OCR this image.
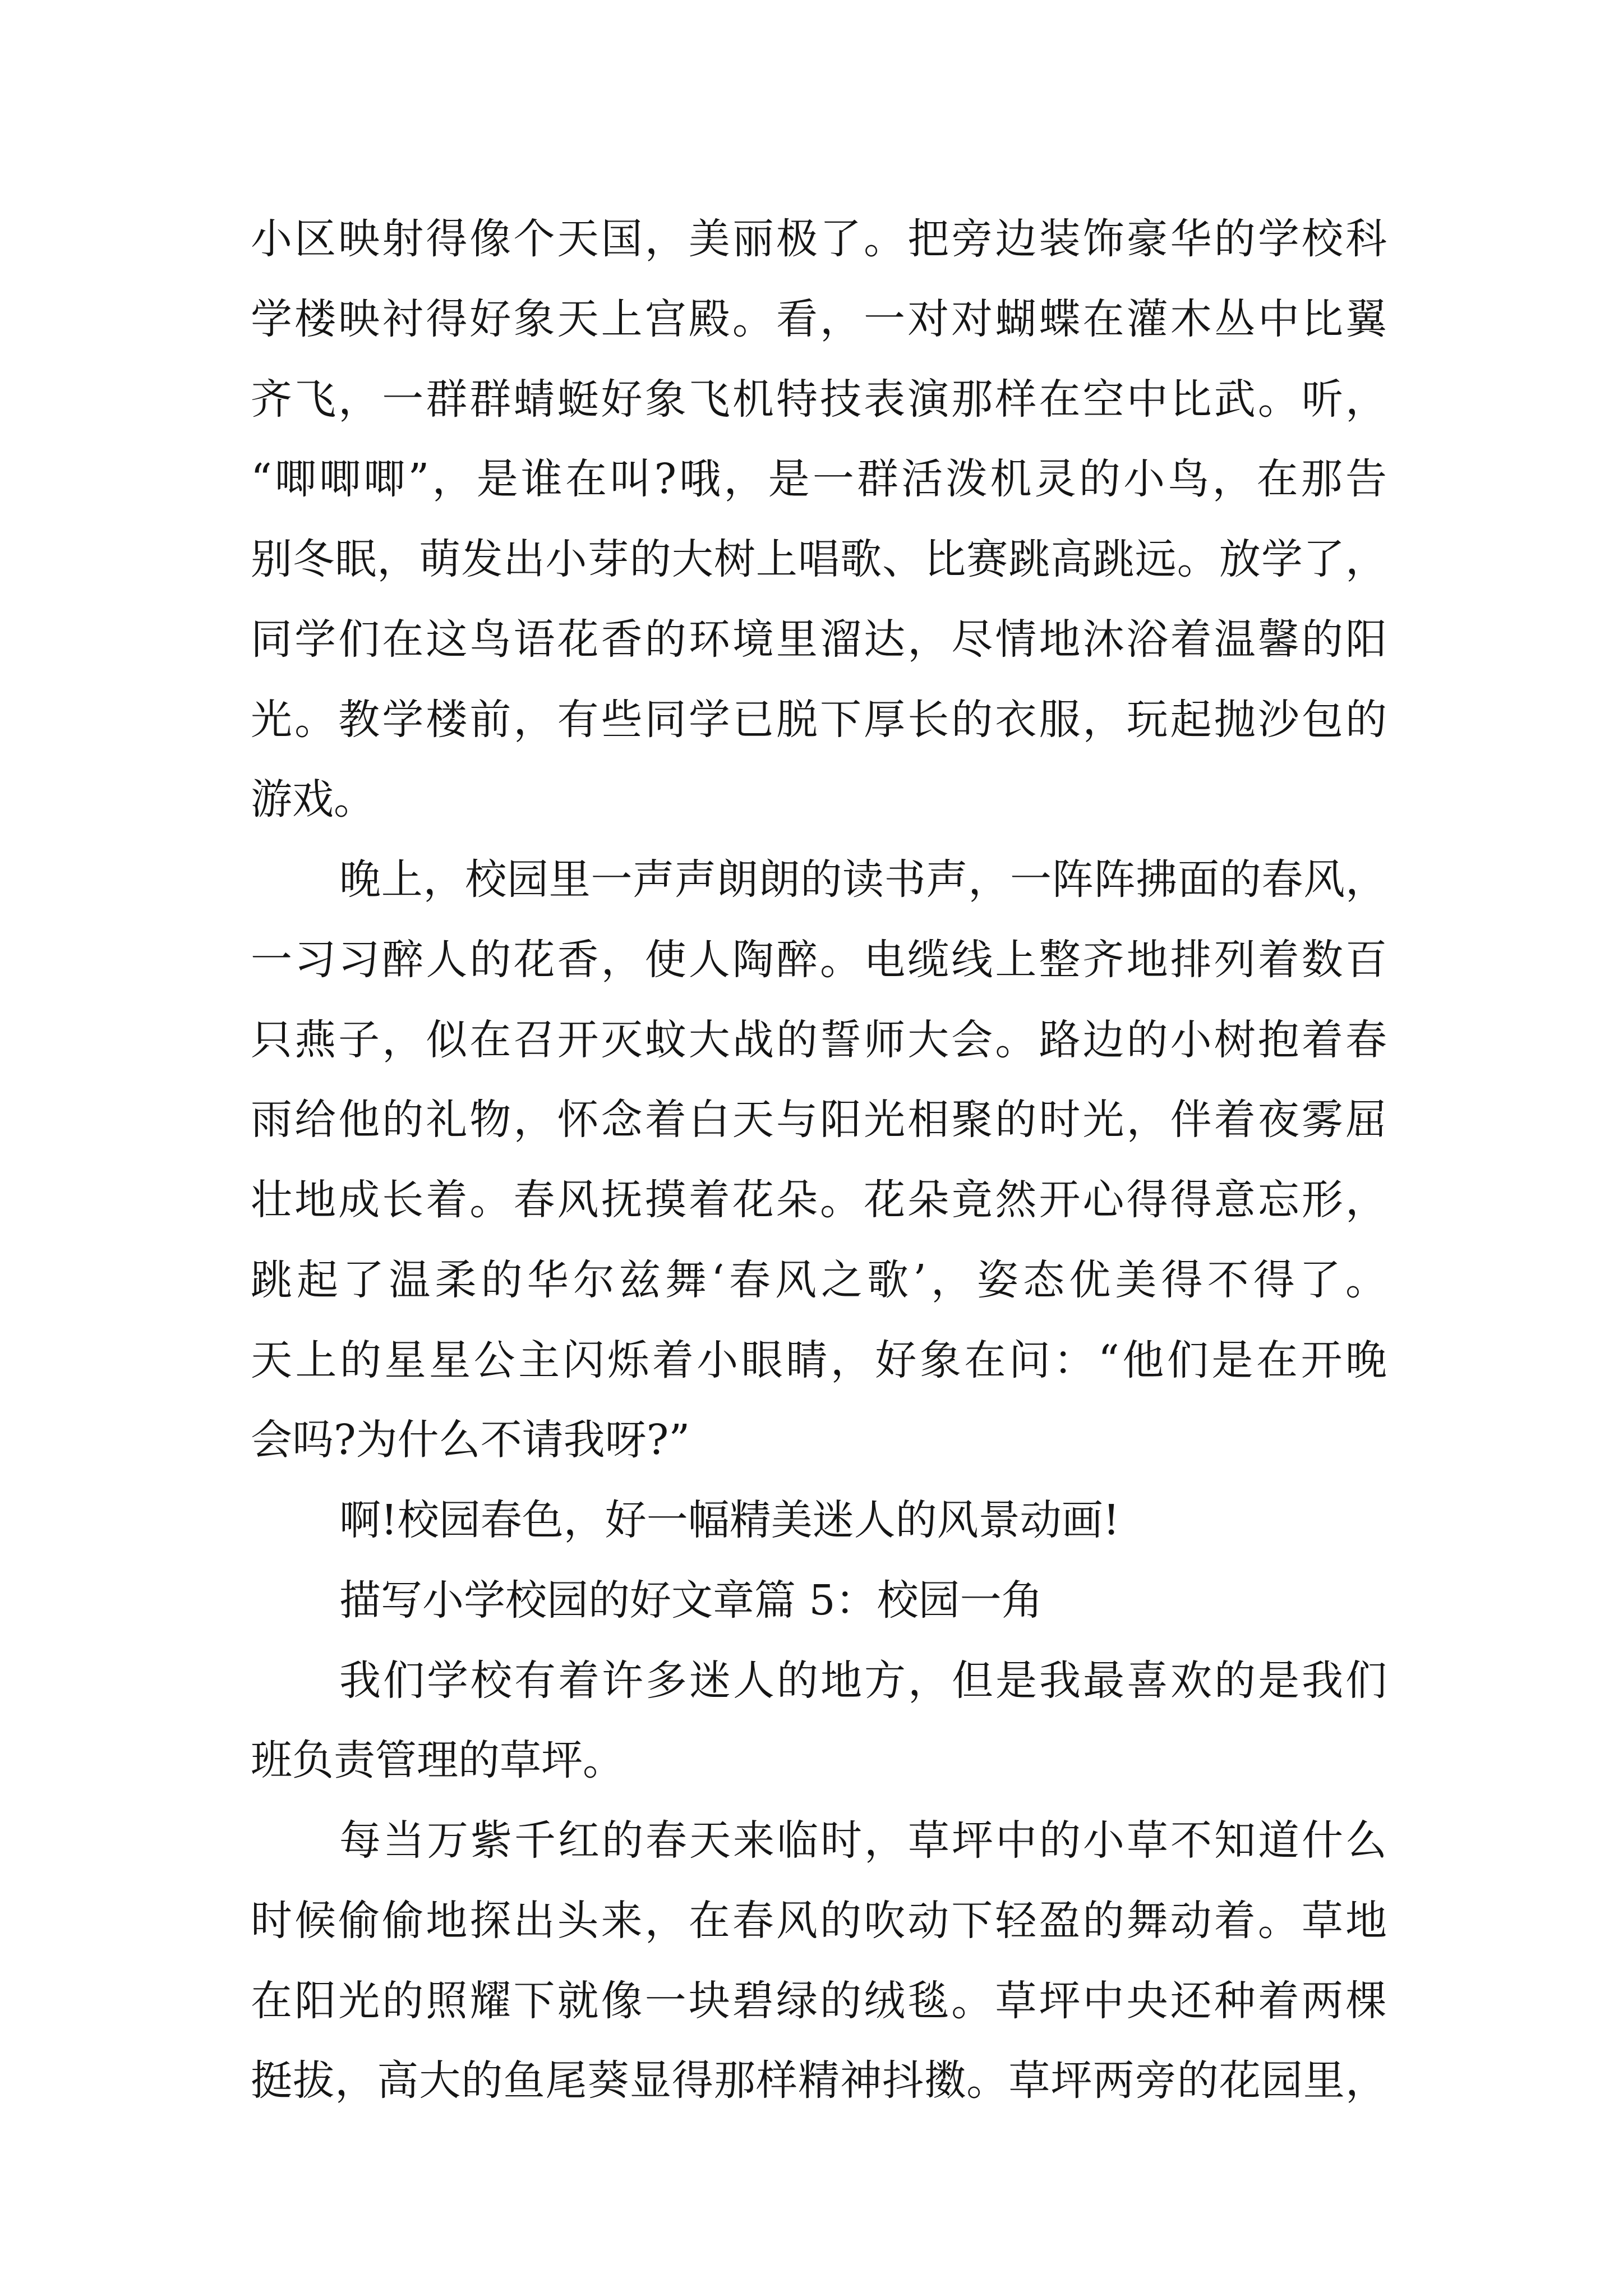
小区映射得像个天国，美丽极了。把旁边装饰豪华的学校科
学楼映衬得好象天上宫殿。看，一对对蝴蝶在灌木丛中比翼
齐飞，一群群蜻蜓好象飞机特技表演那样在空中比武。听，
“唧唧唧”，是谁在叫?哦，是一群活泼机灵的小鸟，在那告
别冬眠，萌发出小芽的大树上唱歌、比赛跳高跳远。放学了，
同学们在这鸟语花香的环境里溜达，尽情地沐浴着温馨的阳
光。教学楼前，有些同学已脱下厚长的衣服，玩起抛沙包的
游戏。
晚上，校园里一声声朗朗的读书声，一阵阵拂面的春风，
一习习醉人的花香，使人陶醉。电缆线上整齐地排列着数百
只燕子，似在召开灭蚊大战的誓师大会。路边的小树抱着春
雨给他的礼物，怀念着白天与阳光相聚的时光，伴着夜雾屈
壮地成长着。春风抚摸着花朵。花朵竟然开心得得意忘形，
跳起了温柔的华尔兹舞‘春风之歌’，姿态优美得不得了。
天上的星星公主闪烁着小眼睛，好象在问：“他们是在开晚
会吗?为什么不请我呀?”
啊!校园春色，好一幅精美迷人的风景动画!
描写小学校园的好文章篇 5：校园一角
我们学校有着许多迷人的地方，但是我最喜欢的是我们
班负责管理的草坪。
每当万紫千红的春天来临时，草坪中的小草不知道什么
时候偷偷地探出头来，在春风的吹动下轻盈的舞动着。草地
在阳光的照耀下就像一块碧绿的绒毯。草坪中央还种着两棵
挺拔，高大的鱼尾葵显得那样精神抖擞。草坪两旁的花园里，
